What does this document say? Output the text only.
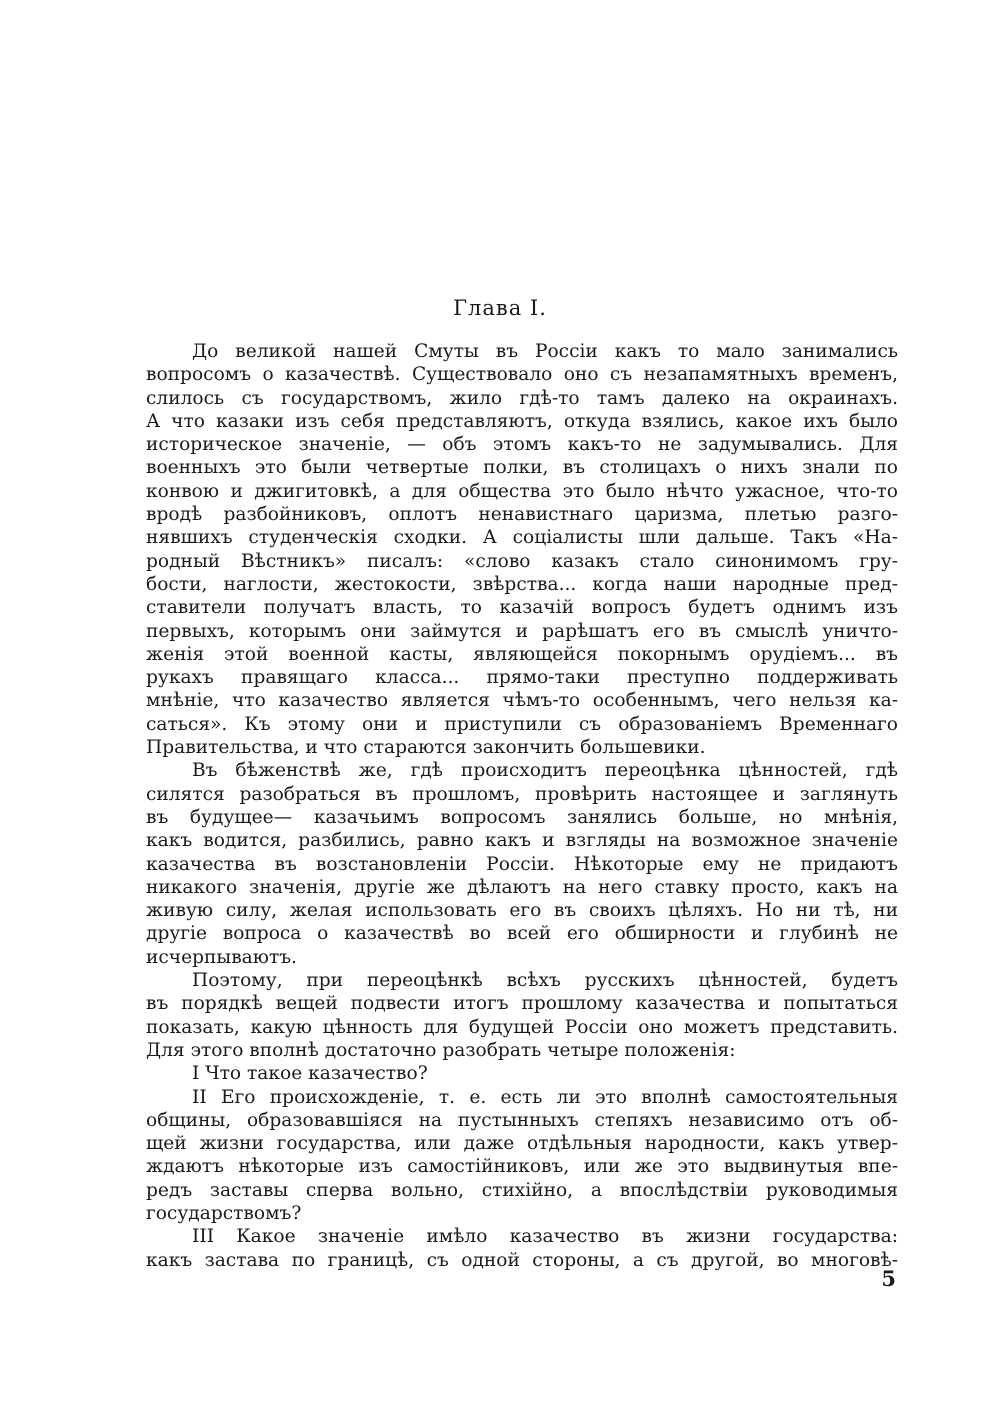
Глава I.
До великой нашей Смуты въ Россіи какъ то мало занимались
вопросомъ о казачествѣ. Существовало оно съ незапамятныхъ временъ,
слилось съ государствомъ, жило гдѣ-то тамъ далеко на окраинахъ.
А что казаки изъ себя представляютъ, откуда взялись, какое ихъ было
историческое значеніе, — объ этомъ какъ-то не задумывались. Для
военныхъ это были четвертые полки, въ столицахъ о нихъ знали по
конвою и джигитовкѣ, а для общества это было нѣчто ужасное, что-то
вродѣ разбойниковъ, оплотъ ненавистнаго царизма, плетью разго-
нявшихъ студенческія сходки. А соціалисты шли дальше. Такъ «На-
родный Вѣстникъ» писалъ: «слово казакъ стало синонимомъ гру-
бости, наглости, жестокости, звѣрства... когда наши народные пред-
ставители получатъ власть, то казачій вопросъ будетъ однимъ изъ
первыхъ, которымъ они займутся и рарѣшатъ его въ смыслѣ уничто-
женія этой военной касты, являющейся покорнымъ орудіемъ... въ
рукахъ правящаго класса... прямо-таки преступно поддерживать
мнѣніе, что казачество является чѣмъ-то особеннымъ, чего нельзя ка-
саться». Къ этому они и приступили съ образованіемъ Временнаго
Правительства, и что стараются закончить большевики.
Въ бѣженствѣ же, гдѣ происходитъ переоцѣнка цѣнностей, гдѣ
силятся разобраться въ прошломъ, провѣрить настоящее и заглянуть
въ будущее— казачьимъ вопросомъ занялись больше, но мнѣнія,
какъ водится, разбились, равно какъ и взгляды на возможное значеніе
казачества въ возстановленіи Россіи. Нѣкоторые ему не придаютъ
никакого значенія, другіе же дѣлаютъ на него ставку просто, какъ на
живую силу, желая использовать его въ своихъ цѣляхъ. Но ни тѣ, ни
другіе вопроса о казачествѣ во всей его обширности и глубинѣ не
исчерпываютъ.
Поэтому, при переоцѣнкѣ всѣхъ русскихъ цѣнностей, будетъ
въ порядкѣ вещей подвести итогъ прошлому казачества и попытаться
показать, какую цѣнность для будущей Россіи оно можетъ представить.
Для этого вполнѣ достаточно разобрать четыре положенія:
I Что такое казачество?
II Его происхожденіе, т. е. есть ли это вполнѣ самостоятельныя
общины, образовавшіяся на пустынныхъ степяхъ независимо отъ об-
щей жизни государства, или даже отдѣльныя народности, какъ утвер-
ждаютъ нѣкоторые изъ самостійниковъ, или же это выдвинутыя впе-
редъ заставы сперва вольно, стихійно, а впослѣдствіи руководимыя
государствомъ?
III Какое значеніе имѣло казачество въ жизни государства:
какъ застава по границѣ, съ одной стороны, а съ другой, во многовѣ-
5
